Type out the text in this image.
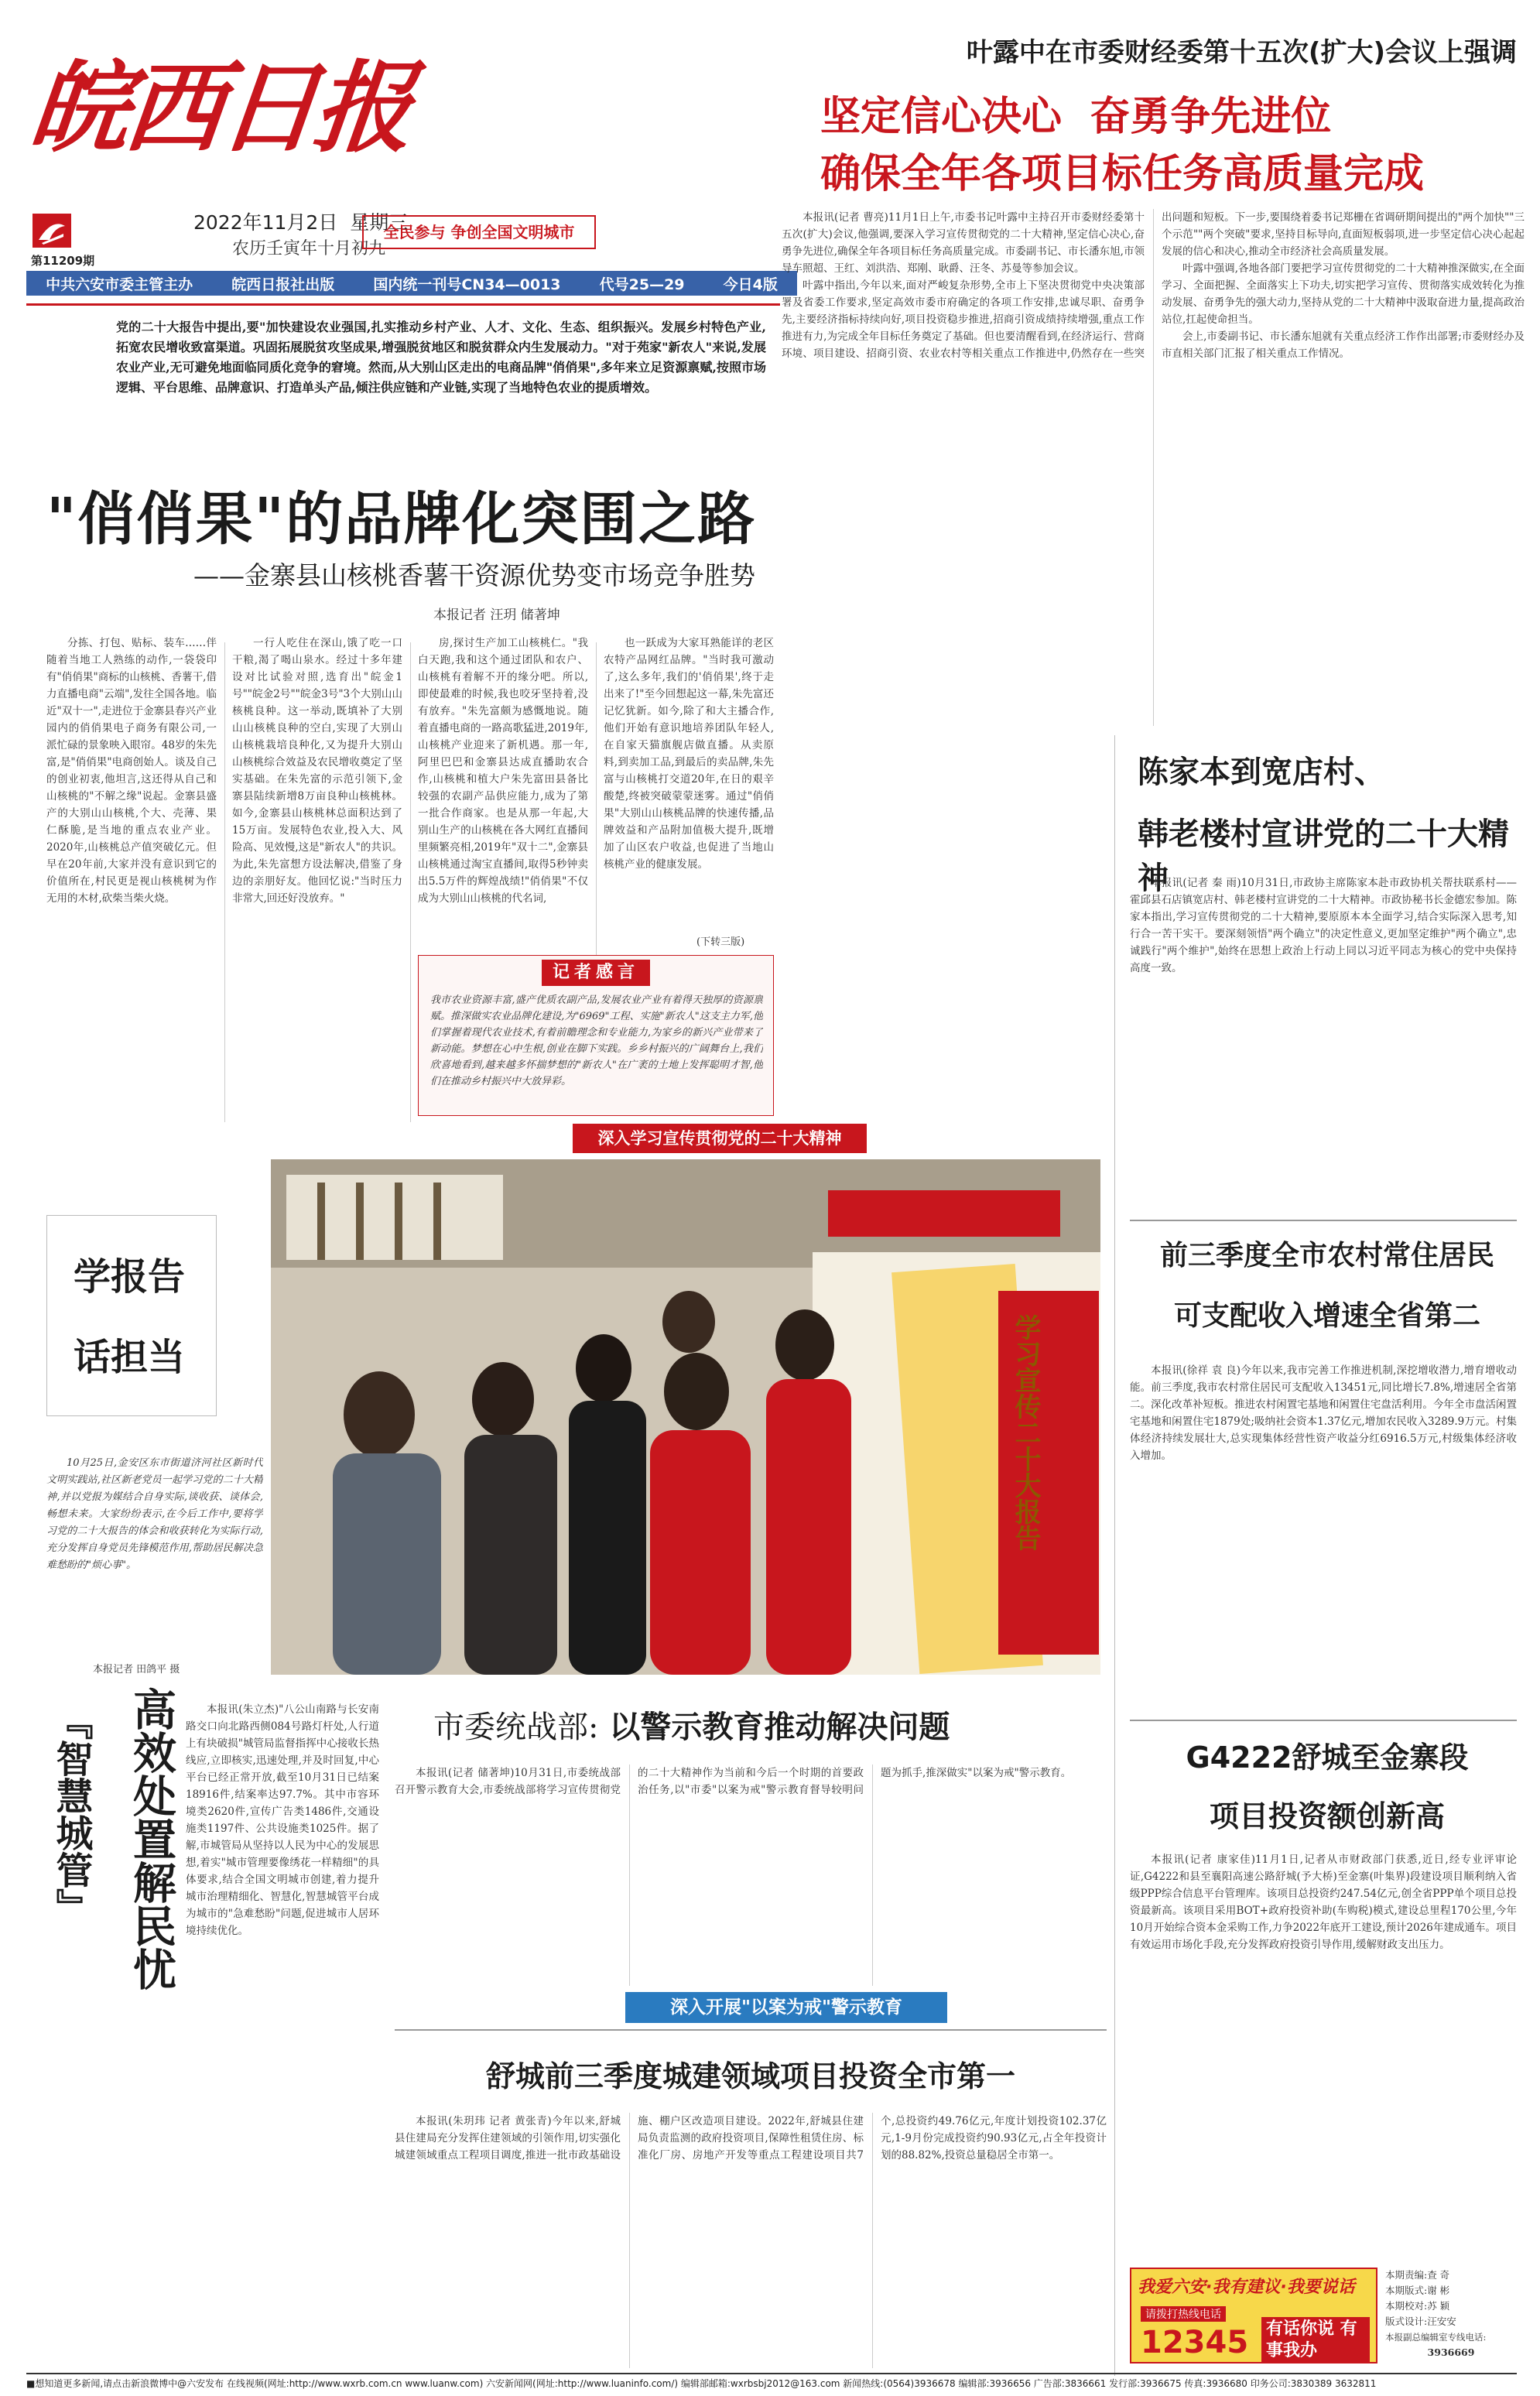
皖西日报
第11209期
2022年11月2日 星期三
农历壬寅年十月初九
全民参与 争创全国文明城市
中共六安市委主管主办	皖西日报社出版	国内统一刊号CN34—0013	代号25—29	今日4版
叶露中在市委财经委第十五次(扩大)会议上强调
坚定信心决心  奋勇争先进位
确保全年各项目标任务高质量完成

本报讯(记者 曹亮)11月1日上午,市委书记叶露中主持召开市委财经委第十五次(扩大)会议,他强调,要深入学习宣传贯彻党的二十大精神,坚定信心决心,奋勇争先进位,确保全年各项目标任务高质量完成。市委副书记、市长潘东旭,市领导车照超、王红、刘洪浩、郑刚、耿爵、汪冬、苏曼等参加会议。

叶露中指出,今年以来,面对严峻复杂形势,全市上下坚决贯彻党中央决策部署及省委工作要求,坚定高效市委市府确定的各项工作安排,忠诚尽职、奋勇争先,主要经济指标持续向好,项目投资稳步推进,招商引资成绩持续增强,重点工作推进有力,为完成全年目标任务奠定了基础。但也要清醒看到,在经济运行、营商环境、项目建设、招商引资、农业农村等相关重点工作推进中,仍然存在一些突出问题和短板。下一步,要围绕着委书记郑栅在省调研期间提出的"两个加快""三个示范""两个突破"要求,坚持目标导向,直面短板弱项,进一步坚定信心决心起起发展的信心和决心,推动全市经济社会高质量发展。

叶露中强调,各地各部门要把学习宣传贯彻党的二十大精神推深做实,在全面学习、全面把握、全面落实上下功夫,切实把学习宣传、贯彻落实成效转化为推动发展、奋勇争先的强大动力,坚持从党的二十大精神中汲取奋进力量,提高政治站位,扛起使命担当。

会上,市委副书记、市长潘东旭就有关重点经济工作作出部署;市委财经办及市直相关部门汇报了相关重点工作情况。

党的二十大报告中提出,要"加快建设农业强国,扎实推动乡村产业、人才、文化、生态、组织振兴。发展乡村特色产业,拓宽农民增收致富渠道。巩固拓展脱贫攻坚成果,增强脱贫地区和脱贫群众内生发展动力。"对于苑家"新农人"来说,发展农业产业,无可避免地面临同质化竞争的窘境。然而,从大别山区走出的电商品牌"俏俏果",多年来立足资源禀赋,按照市场逻辑、平台思维、品牌意识、打造单头产品,倾注供应链和产业链,实现了当地特色农业的提质增效。
"俏俏果"的品牌化突围之路
——金寨县山核桃香薯干资源优势变市场竞争胜势
本报记者 汪玥 储著坤

分拣、打包、贴标、装车……伴随着当地工人熟练的动作,一袋袋印有"俏俏果"商标的山核桃、香薯干,借力直播电商"云端",发往全国各地。临近"双十一",走进位于金寨县春兴产业园内的俏俏果电子商务有限公司,一派忙碌的景象映入眼帘。48岁的朱先富,是"俏俏果"电商创始人。谈及自己的创业初衷,他坦言,这还得从自己和山核桃的"不解之缘"说起。金寨县盛产的大别山山核桃,个大、壳薄、果仁酥脆,是当地的重点农业产业。2020年,山核桃总产值突破亿元。但早在20年前,大家并没有意识到它的价值所在,村民更是视山核桃树为作无用的木材,砍柴当柴火烧。

一行人吃住在深山,饿了吃一口干粮,渴了喝山泉水。经过十多年建设对比试验对照,选育出"皖金1号""皖金2号""皖金3号"3个大别山山核桃良种。这一举动,既填补了大别山山核桃良种的空白,实现了大别山山核桃栽培良种化,又为提升大别山山核桃综合效益及农民增收奠定了坚实基础。在朱先富的示范引领下,金寨县陆续新增8万亩良种山核桃林。如今,金寨县山核桃林总面积达到了15万亩。发展特色农业,投入大、风险高、见效慢,这是"新农人"的共识。为此,朱先富想方设法解决,借鉴了身边的亲朋好友。他回忆说:"当时压力非常大,回还好没放弃。"

房,探讨生产加工山核桃仁。"我白天跑,我和这个通过团队和农户、山核桃有着解不开的缘分吧。所以,即使最难的时候,我也咬牙坚持着,没有放弃。"朱先富颇为感慨地说。随着直播电商的一路高歌猛进,2019年,山核桃产业迎来了新机遇。那一年,阿里巴巴和金寨县达成直播助农合作,山核桃和植大户朱先富田县备比较强的农副产品供应能力,成为了第一批合作商家。也是从那一年起,大别山生产的山核桃在各大网红直播间里频繁亮相,2019年"双十二",金寨县山核桃通过淘宝直播间,取得5秒钟卖出5.5万件的辉煌战绩!"俏俏果"不仅成为大别山山核桃的代名词,

也一跃成为大家耳熟能详的老区农特产品网红品牌。"当时我可激动了,这么多年,我们的'俏俏果',终于走出来了!"至今回想起这一幕,朱先富还记忆犹新。如今,除了和大主播合作,他们开始有意识地培养团队年轻人,在自家天猫旗舰店做直播。从卖原料,到卖加工品,到最后的卖品牌,朱先富与山核桃打交道20年,在日的艰辛酸楚,终被突破蒙蒙迷雾。通过"俏俏果"大别山山核桃品牌的快速传播,品牌效益和产品附加值极大提升,既增加了山区农户收益,也促进了当地山核桃产业的健康发展。

(下转三版)
记者感言
我市农业资源丰富,盛产优质农副产品,发展农业产业有着得天独厚的资源禀赋。推深做实农业品牌化建设,为"6969"工程、实施"新农人"这支主力军,他们掌握着现代农业技术,有着前瞻理念和专业能力,为家乡的新兴产业带来了新动能。梦想在心中生根,创业在脚下实践。乡乡村振兴的广阔舞台上,我们欣喜地看到,越来越多怀揣梦想的"新农人"在广袤的土地上发挥聪明才智,他们在推动乡村振兴中大放异彩。
深入学习宣传贯彻党的二十大精神
学报告
话担当
10月25日,金安区东市街道济河社区新时代文明实践站,社区新老党员一起学习党的二十大精神,并以党报为媒结合自身实际,谈收获、谈体会,畅想未来。大家纷纷表示,在今后工作中,要将学习党的二十大报告的体会和收获转化为实际行动,充分发挥自身党员先锋模范作用,帮助居民解决急难愁盼的"烦心事"。
本报记者 田鸽平 摄
学习宣传二十大报告
『智慧城管』 高效处置解民忧	本报讯(朱立杰)"八公山南路与长安南路交口向北路西侧084号路灯杆处,人行道上有块破损"城管局监督指挥中心接收长热线应,立即核实,迅速处理,并及时回复,中心平台已经正常开放,截至10月31日已结案18916件,结案率达97.7%。其中市容环境类2620件,宣传广告类1486件,交通设施类1197件、公共设施类1025件。据了解,市城管局从坚持以人民为中心的发展思想,着实"城市管理要像绣花一样精细"的具体要求,结合全国文明城市创建,着力提升城市治理精细化、智慧化,智慧城管平台成为城市的"急难愁盼"问题,促进城市人居环境持续优化。

市委统战部: 以警示教育推动解决问题

本报讯(记者 储著坤)10月31日,市委统战部召开警示教育大会,市委统战部将学习宣传贯彻党的二十大精神作为当前和今后一个时期的首要政治任务,以"市委"以案为戒"警示教育督导较明问题为抓手,推深做实"以案为戒"警示教育。

深入开展"以案为戒"警示教育
舒城前三季度城建领域项目投资全市第一

本报讯(朱玥玮 记者 黄张青)今年以来,舒城县住建局充分发挥住建领域的引领作用,切实强化城建领域重点工程项目调度,推进一批市政基础设施、棚户区改造项目建设。2022年,舒城县住建局负责监测的政府投资项目,保障性租赁住房、标准化厂房、房地产开发等重点工程建设项目共7个,总投资约49.76亿元,年度计划投资102.37亿元,1-9月份完成投资约90.93亿元,占全年投资计划的88.82%,投资总量稳居全市第一。

陈家本到宽店村、
韩老楼村宣讲党的二十大精神

本报讯(记者 秦 雨)10月31日,市政协主席陈家本赴市政协机关帮扶联系村——霍邱县石店镇宽店村、韩老楼村宣讲党的二十大精神。市政协秘书长金德宏参加。陈家本指出,学习宣传贯彻党的二十大精神,要原原本本全面学习,结合实际深入思考,知行合一苦干实干。要深刻领悟"两个确立"的决定性意义,更加坚定维护"两个确立",忠诚践行"两个维护",始终在思想上政治上行动上同以习近平同志为核心的党中央保持高度一致。

前三季度全市农村常住居民
可支配收入增速全省第二

本报讯(徐祥 袁 良)今年以来,我市完善工作推进机制,深挖增收潜力,增育增收动能。前三季度,我市农村常住居民可支配收入13451元,同比增长7.8%,增速居全省第二。深化改革补短板。推进农村闲置宅基地和闲置住宅盘活利用。今年全市盘活闲置宅基地和闲置住宅1879处;吸纳社会资本1.37亿元,增加农民收入3289.9万元。村集体经济持续发展壮大,总实现集体经营性资产收益分红6916.5万元,村级集体经济收入增加。

G4222舒城至金寨段
项目投资额创新高

本报讯(记者 康家佳)11月1日,记者从市财政部门获悉,近日,经专业评审论证,G4222和县至襄阳高速公路舒城(予大桥)至金寨(叶集界)段建设项目顺利纳入省级PPP综合信息平台管理库。该项目总投资约247.54亿元,创全省PPP单个项目总投资最新高。该项目采用BOT+政府投资补助(车购税)模式,建设总里程170公里,今年10月开始综合资本金采购工作,力争2022年底开工建设,预计2026年建成通车。项目有效运用市场化手段,充分发挥政府投资引导作用,缓解财政支出压力。

我爱六安·我有建议·我要说话
请拨打热线电话
12345 有话你说 有事我办
本期责编:查 奇
本期版式:谢 彬
本期校对:苏 颖
版式设计:汪安安
本报副总编辑室专线电话:
3936669
■想知道更多新闻,请点击新浪微博中@六安发布 在线视频(网址:http://www.wxrb.com.cn www.luanw.com) 六安新闻网(网址:http://www.luaninfo.com/) 编辑部邮箱:wxrbsbj2012@163.com 新闻热线:(0564)3936678 编辑部:3936656 广告部:3836661 发行部:3936675 传真:3936680 印务公司:3830389 3632811
